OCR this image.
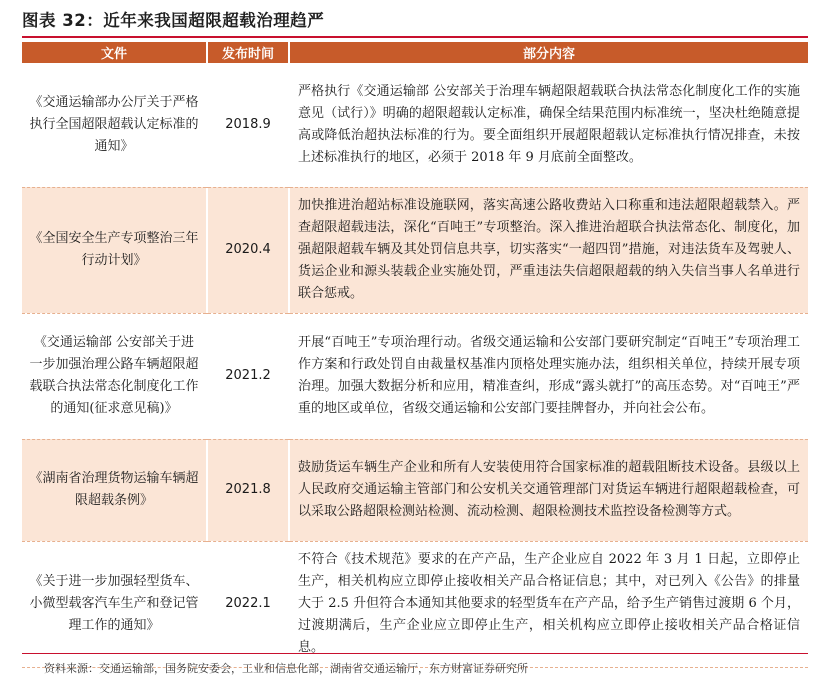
图表 32：近年来我国超限超载治理趋严
文件		发布时间		部分内容
《交通运输部办公厅关于严格执行全国超限超载认定标准的通知》		2018.9		严格执行《交通运输部 公安部关于治理车辆超限超载联合执法常态化制度化工作的实施意见（试行）》明确的超限超载认定标准，确保全结果范围内标准统一，坚决杜绝随意提高或降低治超执法标准的行为。要全面组织开展超限超载认定标准执行情况排查，未按上述标准执行的地区，必须于 2018 年 9 月底前全面整改。
《全国安全生产专项整治三年行动计划》		2020.4		加快推进治超站标准设施联网，落实高速公路收费站入口称重和违法超限超载禁入。严查超限超载违法，深化“百吨王”专项整治。深入推进治超联合执法常态化、制度化，加强超限超载车辆及其处罚信息共享，切实落实“一超四罚”措施，对违法货车及驾驶人、货运企业和源头装载企业实施处罚，严重违法失信超限超载的纳入失信当事人名单进行联合惩戒。
《交通运输部 公安部关于进一步加强治理公路车辆超限超载联合执法常态化制度化工作的通知(征求意见稿)》		2021.2		开展“百吨王”专项治理行动。省级交通运输和公安部门要研究制定“百吨王”专项治理工作方案和行政处罚自由裁量权基准内顶格处理实施办法，组织相关单位，持续开展专项治理。加强大数据分析和应用，精准查纠，形成“露头就打”的高压态势。对“百吨王”严重的地区或单位，省级交通运输和公安部门要挂牌督办，并向社会公布。
《湖南省治理货物运输车辆超限超载条例》		2021.8		鼓励货运车辆生产企业和所有人安装使用符合国家标准的超载阻断技术设备。县级以上人民政府交通运输主管部门和公安机关交通管理部门对货运车辆进行超限超载检查，可以采取公路超限检测站检测、流动检测、超限检测技术监控设备检测等方式。
《关于进一步加强轻型货车、小微型载客汽车生产和登记管理工作的通知》		2022.1		不符合《技术规范》要求的在产产品，生产企业应自 2022 年 3 月 1 日起，立即停止生产，相关机构应立即停止接收相关产品合格证信息；其中，对已列入《公告》的排量大于 2.5 升但符合本通知其他要求的轻型货车在产产品，给予生产销售过渡期 6 个月，过渡期满后，生产企业应立即停止生产，相关机构应立即停止接收相关产品合格证信息。
资料来源：交通运输部，国务院安委会，工业和信息化部，湖南省交通运输厅，东方财富证券研究所
